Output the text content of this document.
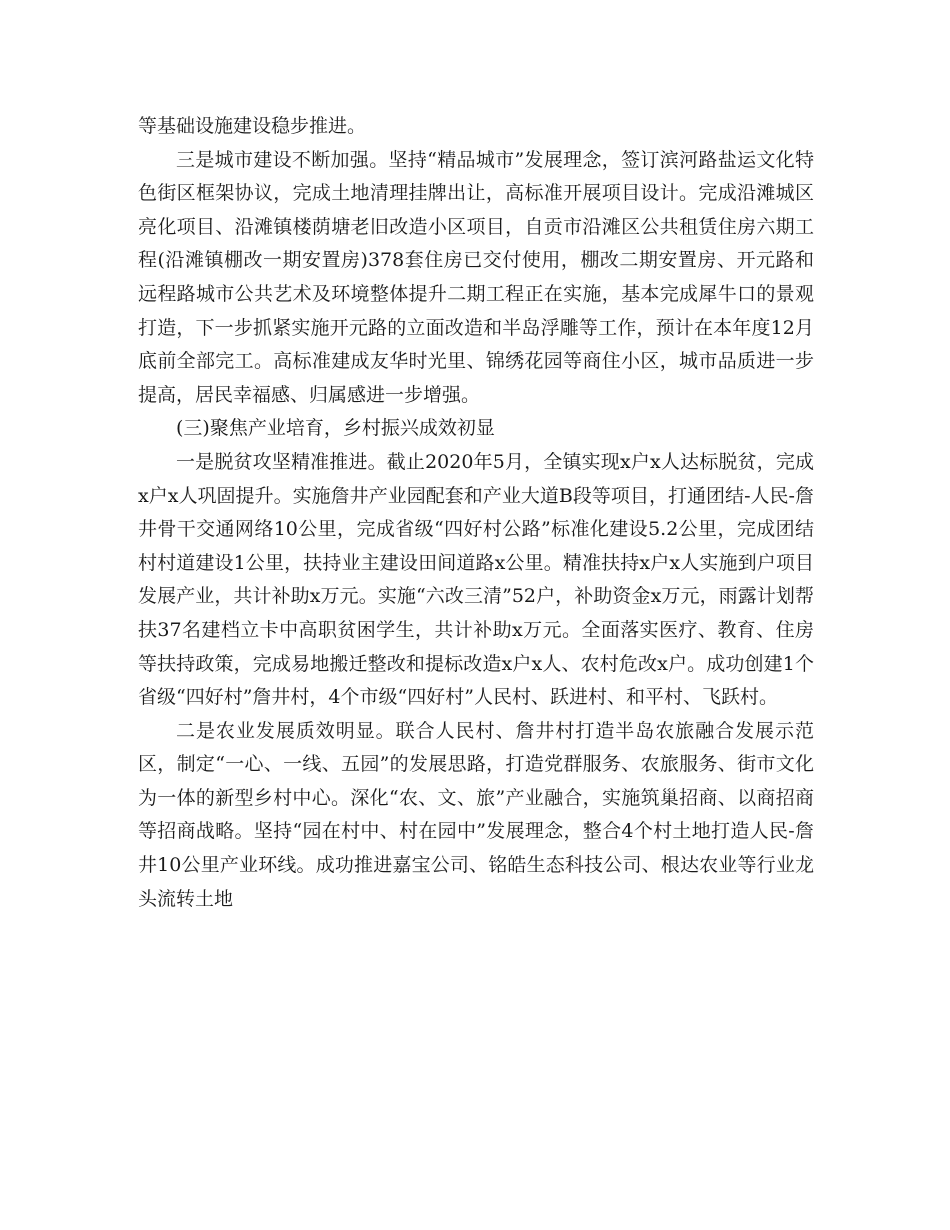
等基础设施建设稳步推进。

三是城市建设不断加强。坚持“精品城市”发展理念，签订滨河路盐运文化特色街区框架协议，完成土地清理挂牌出让，高标准开展项目设计。完成沿滩城区亮化项目、沿滩镇楼荫塘老旧改造小区项目，自贡市沿滩区公共租赁住房六期工程(沿滩镇棚改一期安置房)378套住房已交付使用，棚改二期安置房、开元路和远程路城市公共艺术及环境整体提升二期工程正在实施，基本完成犀牛口的景观打造，下一步抓紧实施开元路的立面改造和半岛浮雕等工作，预计在本年度12月底前全部完工。高标准建成友华时光里、锦绣花园等商住小区，城市品质进一步提高，居民幸福感、归属感进一步增强。

(三)聚焦产业培育，乡村振兴成效初显

一是脱贫攻坚精准推进。截止2020年5月，全镇实现x户x人达标脱贫，完成x户x人巩固提升。实施詹井产业园配套和产业大道B段等项目，打通团结-人民-詹井骨干交通网络10公里，完成省级“四好村公路”标准化建设5.2公里，完成团结村村道建设1公里，扶持业主建设田间道路x公里。精准扶持x户x人实施到户项目发展产业，共计补助x万元。实施“六改三清”52户，补助资金x万元，雨露计划帮扶37名建档立卡中高职贫困学生，共计补助x万元。全面落实医疗、教育、住房等扶持政策，完成易地搬迁整改和提标改造x户x人、农村危改x户。成功创建1个省级“四好村”詹井村，4个市级“四好村”人民村、跃进村、和平村、飞跃村。

二是农业发展质效明显。联合人民村、詹井村打造半岛农旅融合发展示范区，制定“一心、一线、五园”的发展思路，打造党群服务、农旅服务、街市文化为一体的新型乡村中心。深化“农、文、旅”产业融合，实施筑巢招商、以商招商等招商战略。坚持“园在村中、村在园中”发展理念，整合4个村土地打造人民-詹井10公里产业环线。成功推进嘉宝公司、铭皓生态科技公司、根达农业等行业龙头流转土地
